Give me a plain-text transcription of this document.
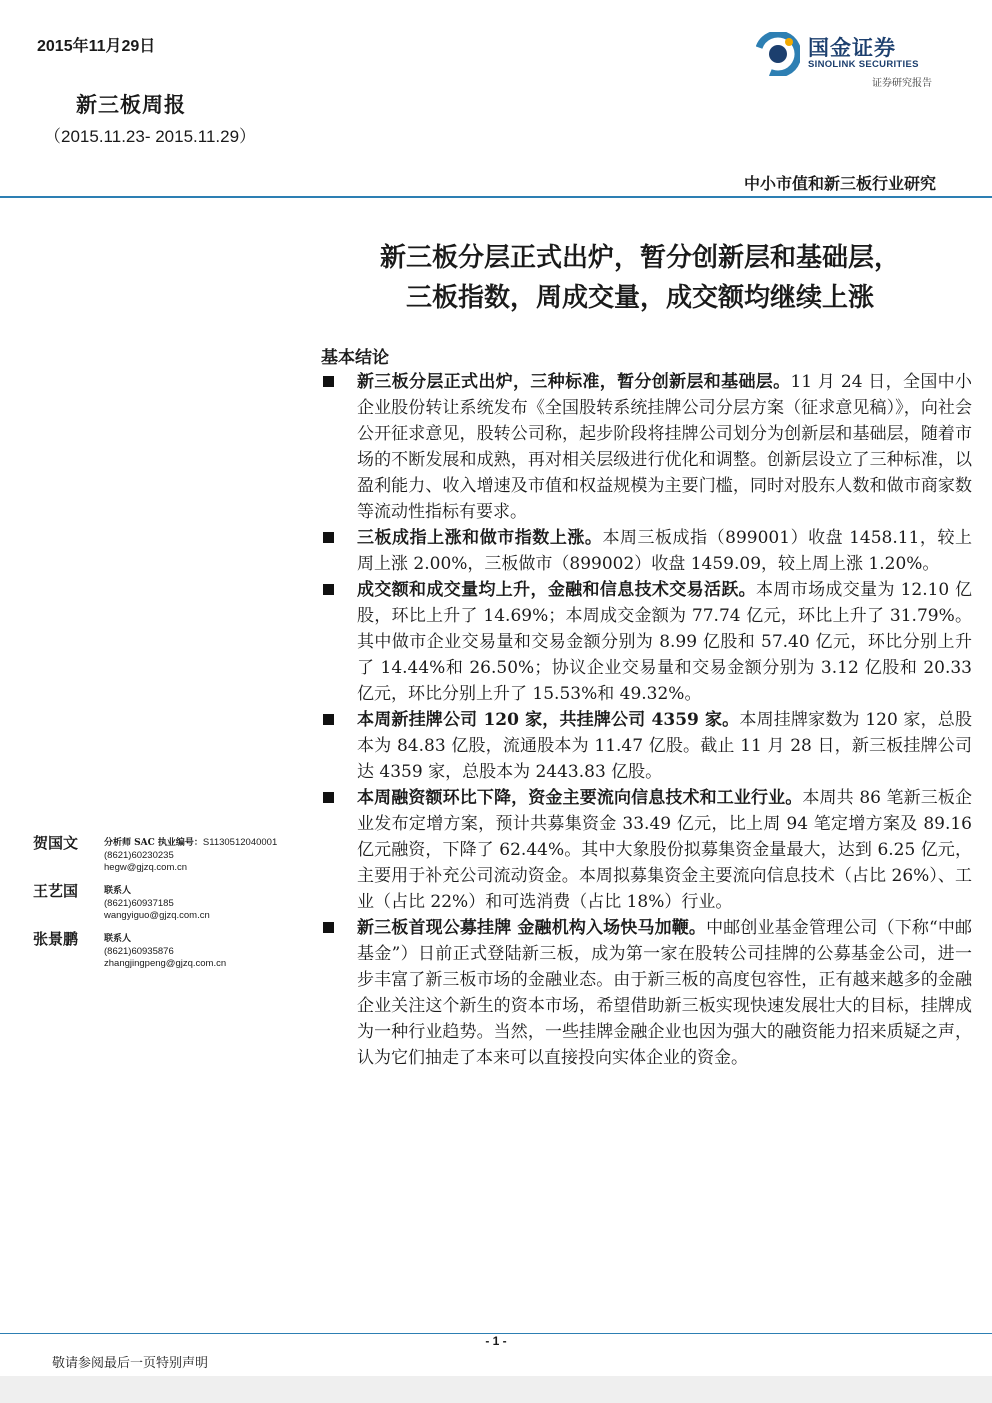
2015年11月29日
新三板周报
（2015.11.23- 2015.11.29）
国金证券
SINOLINK SECURITIES
证券研究报告
中小市值和新三板行业研究
新三板分层正式出炉，暂分创新层和基础层，
三板指数，周成交量，成交额均继续上涨
基本结论
新三板分层正式出炉，三种标准，暂分创新层和基础层。11 月 24 日，全国中小企业股份转让系统发布《全国股转系统挂牌公司分层方案（征求意见稿）》，向社会公开征求意见，股转公司称，起步阶段将挂牌公司划分为创新层和基础层，随着市场的不断发展和成熟，再对相关层级进行优化和调整。创新层设立了三种标准，以盈利能力、收入增速及市值和权益规模为主要门槛，同时对股东人数和做市商家数等流动性指标有要求。
三板成指上涨和做市指数上涨。本周三板成指（899001）收盘 1458.11，较上周上涨 2.00%，三板做市（899002）收盘 1459.09，较上周上涨 1.20%。
成交额和成交量均上升，金融和信息技术交易活跃。本周市场成交量为 12.10 亿股，环比上升了 14.69%；本周成交金额为 77.74 亿元，环比上升了 31.79%。其中做市企业交易量和交易金额分别为 8.99 亿股和 57.40 亿元，环比分别上升了 14.44%和 26.50%；协议企业交易量和交易金额分别为 3.12 亿股和 20.33 亿元，环比分别上升了 15.53%和 49.32%。
本周新挂牌公司 120 家，共挂牌公司 4359 家。本周挂牌家数为 120 家，总股本为 84.83 亿股，流通股本为 11.47 亿股。截止 11 月 28 日，新三板挂牌公司达 4359 家，总股本为 2443.83 亿股。
本周融资额环比下降，资金主要流向信息技术和工业行业。本周共 86 笔新三板企业发布定增方案，预计共募集资金 33.49 亿元，比上周 94 笔定增方案及 89.16 亿元融资，下降了 62.44%。其中大象股份拟募集资金量最大，达到 6.25 亿元，主要用于补充公司流动资金。本周拟募集资金主要流向信息技术（占比 26%）、工业（占比 22%）和可选消费（占比 18%）行业。
新三板首现公募挂牌 金融机构入场快马加鞭。中邮创业基金管理公司（下称“中邮基金”）日前正式登陆新三板，成为第一家在股转公司挂牌的公募基金公司，进一步丰富了新三板市场的金融业态。由于新三板的高度包容性，正有越来越多的金融企业关注这个新生的资本市场，希望借助新三板实现快速发展壮大的目标，挂牌成为一种行业趋势。当然，一些挂牌金融企业也因为强大的融资能力招来质疑之声，认为它们抽走了本来可以直接投向实体企业的资金。
贺国文	分析师 SAC 执业编号：S1130512040001
(8621)60230235
hegw@gjzq.com.cn
王艺国	联系人
(8621)60937185
wangyiguo@gjzq.com.cn
张景鹏	联系人
(8621)60935876
zhangjingpeng@gjzq.com.cn
- 1 -
敬请参阅最后一页特别声明
